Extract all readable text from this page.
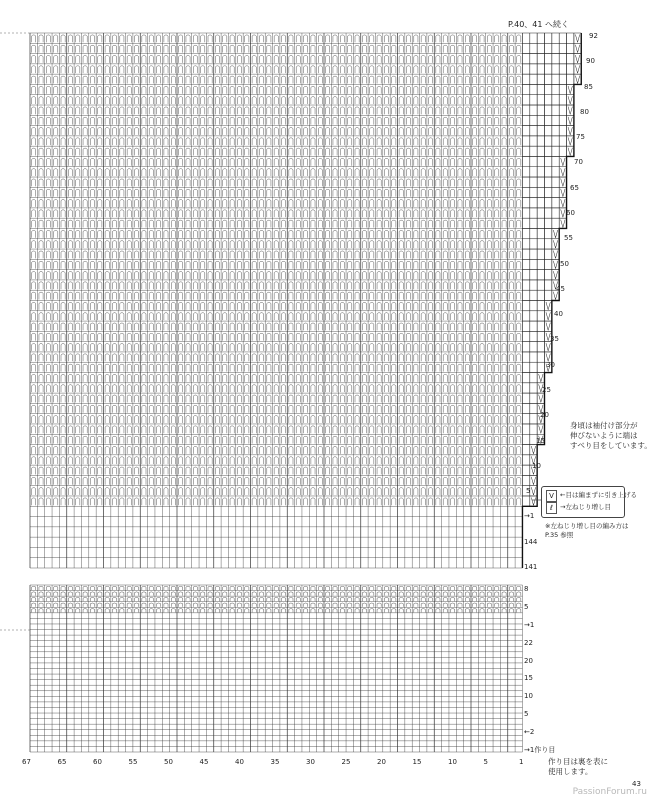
P.40、41 へ続く
92
90
85
80
75
70
65
60
55
50
45
40
35
30
25
20
15
10
5
→1
144
141
8
5
→1
22
20
15
10
5
←2
→1作り目
67	65	60	55	50	45	40	35	30	25	20	15	10	5	1
身頃は袖付け部分が
伸びないように端は
すべり目をしています。
V ←目は編まずに引き上げる
ℓ	→左ねじり増し目
※左ねじり増し目の編み方は
P.35 参照
作り目は裏を表に
使用します。
43
PassionForum.ru
